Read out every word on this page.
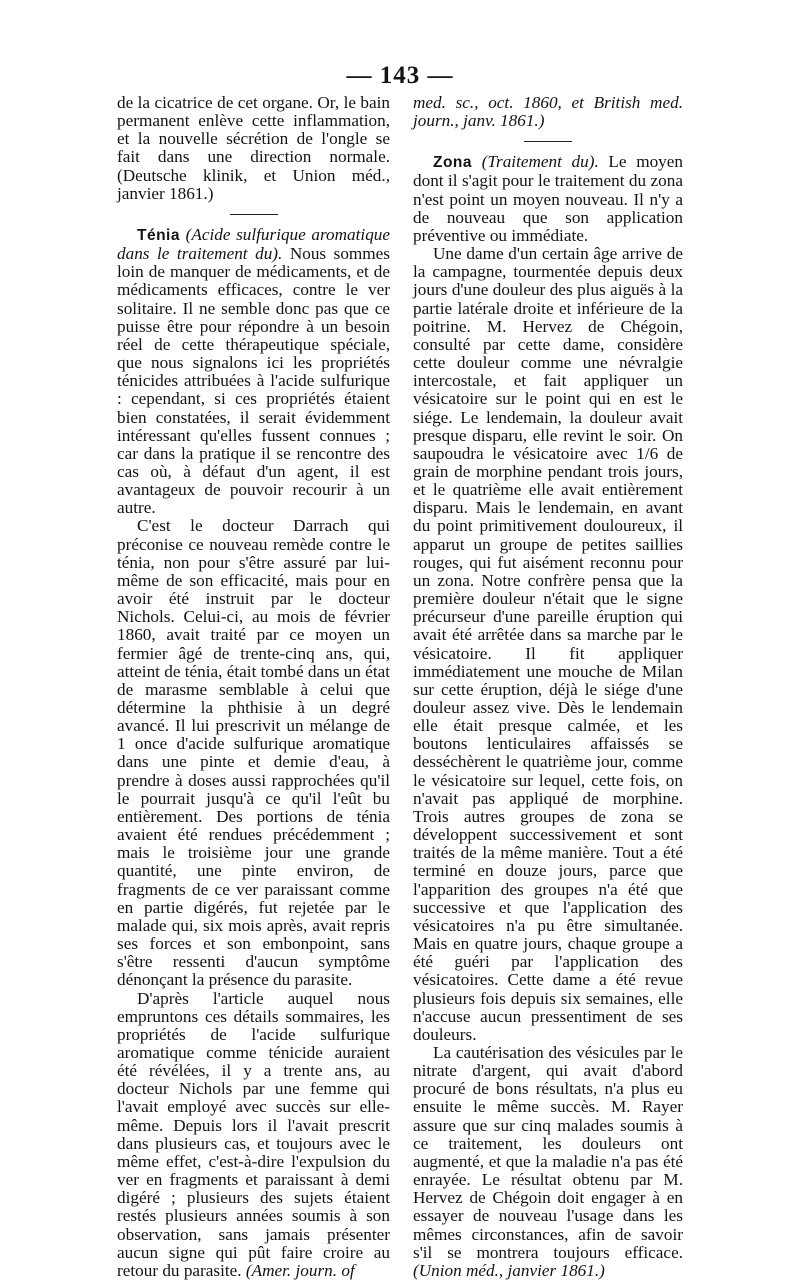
— 143 —

de la cicatrice de cet organe. Or, le bain permanent enlève cette inflammation, et la nouvelle sécrétion de l'ongle se fait dans une direction normale. (Deutsche klinik, et Union méd., janvier 1861.)

Ténia (Acide sulfurique aromatique dans le traitement du). Nous sommes loin de manquer de médicaments, et de médicaments efficaces, contre le ver solitaire. Il ne semble donc pas que ce puisse être pour répondre à un besoin réel de cette thérapeutique spéciale, que nous signalons ici les propriétés ténicides attribuées à l'acide sulfurique : cependant, si ces propriétés étaient bien constatées, il serait évidemment intéressant qu'elles fussent connues ; car dans la pratique il se rencontre des cas où, à défaut d'un agent, il est avantageux de pouvoir recourir à un autre.

C'est le docteur Darrach qui préconise ce nouveau remède contre le ténia, non pour s'être assuré par lui-même de son efficacité, mais pour en avoir été instruit par le docteur Nichols. Celui-ci, au mois de février 1860, avait traité par ce moyen un fermier âgé de trente-cinq ans, qui, atteint de ténia, était tombé dans un état de marasme semblable à celui que détermine la phthisie à un degré avancé. Il lui prescrivit un mélange de 1 once d'acide sulfurique aromatique dans une pinte et demie d'eau, à prendre à doses aussi rapprochées qu'il le pourrait jusqu'à ce qu'il l'eût bu entièrement. Des portions de ténia avaient été rendues précédemment ; mais le troisième jour une grande quantité, une pinte environ, de fragments de ce ver paraissant comme en partie digérés, fut rejetée par le malade qui, six mois après, avait repris ses forces et son embonpoint, sans s'être ressenti d'aucun symptôme dénonçant la présence du parasite.

D'après l'article auquel nous empruntons ces détails sommaires, les propriétés de l'acide sulfurique aromatique comme ténicide auraient été révélées, il y a trente ans, au docteur Nichols par une femme qui l'avait employé avec succès sur elle-même. Depuis lors il l'avait prescrit dans plusieurs cas, et toujours avec le même effet, c'est-à-dire l'expulsion du ver en fragments et paraissant à demi digéré ; plusieurs des sujets étaient restés plusieurs années soumis à son observation, sans jamais présenter aucun signe qui pût faire croire au retour du parasite. (Amer. journ. of

med. sc., oct. 1860, et British med. journ., janv. 1861.)

Zona (Traitement du). Le moyen dont il s'agit pour le traitement du zona n'est point un moyen nouveau. Il n'y a de nouveau que son application préventive ou immédiate.

Une dame d'un certain âge arrive de la campagne, tourmentée depuis deux jours d'une douleur des plus aiguës à la partie latérale droite et inférieure de la poitrine. M. Hervez de Chégoin, consulté par cette dame, considère cette douleur comme une névralgie intercostale, et fait appliquer un vésicatoire sur le point qui en est le siége. Le lendemain, la douleur avait presque disparu, elle revint le soir. On saupoudra le vésicatoire avec 1/6 de grain de morphine pendant trois jours, et le quatrième elle avait entièrement disparu. Mais le lendemain, en avant du point primitivement douloureux, il apparut un groupe de petites saillies rouges, qui fut aisément reconnu pour un zona. Notre confrère pensa que la première douleur n'était que le signe précurseur d'une pareille éruption qui avait été arrêtée dans sa marche par le vésicatoire. Il fit appliquer immédiatement une mouche de Milan sur cette éruption, déjà le siége d'une douleur assez vive. Dès le lendemain elle était presque calmée, et les boutons lenticulaires affaissés se desséchèrent le quatrième jour, comme le vésicatoire sur lequel, cette fois, on n'avait pas appliqué de morphine. Trois autres groupes de zona se développent successivement et sont traités de la même manière. Tout a été terminé en douze jours, parce que l'apparition des groupes n'a été que successive et que l'application des vésicatoires n'a pu être simultanée. Mais en quatre jours, chaque groupe a été guéri par l'application des vésicatoires. Cette dame a été revue plusieurs fois depuis six semaines, elle n'accuse aucun pressentiment de ses douleurs.

La cautérisation des vésicules par le nitrate d'argent, qui avait d'abord procuré de bons résultats, n'a plus eu ensuite le même succès. M. Rayer assure que sur cinq malades soumis à ce traitement, les douleurs ont augmenté, et que la maladie n'a pas été enrayée. Le résultat obtenu par M. Hervez de Chégoin doit engager à en essayer de nouveau l'usage dans les mêmes circonstances, afin de savoir s'il se montrera toujours efficace. (Union méd., janvier 1861.)
